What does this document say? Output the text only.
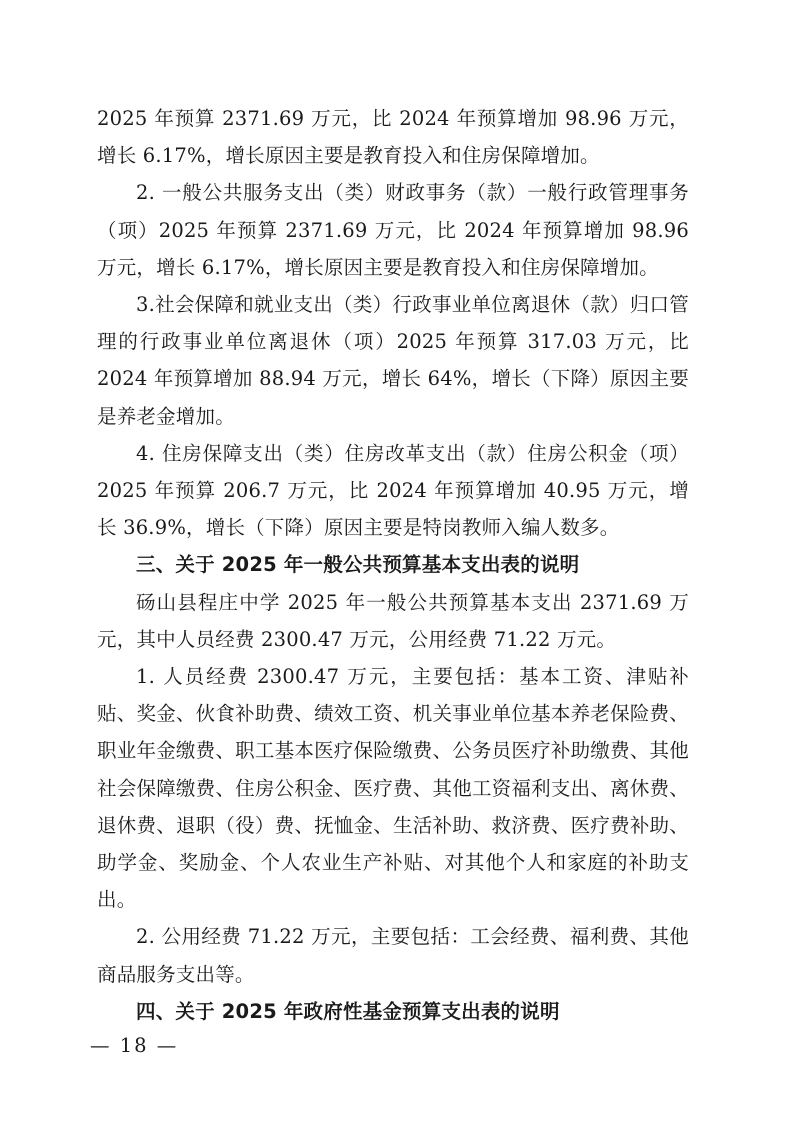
2025 年预算 2371.69 万元，比 2024 年预算增加 98.96 万元，增长 6.17%，增长原因主要是教育投入和住房保障增加。

2. 一般公共服务支出（类）财政事务（款）一般行政管理事务（项）2025 年预算 2371.69 万元，比 2024 年预算增加 98.96 万元，增长 6.17%，增长原因主要是教育投入和住房保障增加。

3.社会保障和就业支出（类）行政事业单位离退休（款）归口管理的行政事业单位离退休（项）2025 年预算 317.03 万元，比 2024 年预算增加 88.94 万元，增长 64%，增长（下降）原因主要是养老金增加。

4. 住房保障支出（类）住房改革支出（款）住房公积金（项）2025 年预算 206.7 万元，比 2024 年预算增加 40.95 万元，增长 36.9%，增长（下降）原因主要是特岗教师入编人数多。

三、关于 2025 年一般公共预算基本支出表的说明

砀山县程庄中学 2025 年一般公共预算基本支出 2371.69 万元，其中人员经费 2300.47 万元，公用经费 71.22 万元。

1. 人员经费 2300.47 万元，主要包括：基本工资、津贴补贴、奖金、伙食补助费、绩效工资、机关事业单位基本养老保险费、职业年金缴费、职工基本医疗保险缴费、公务员医疗补助缴费、其他社会保障缴费、住房公积金、医疗费、其他工资福利支出、离休费、退休费、退职（役）费、抚恤金、生活补助、救济费、医疗费补助、助学金、奖励金、个人农业生产补贴、对其他个人和家庭的补助支出。

2. 公用经费 71.22 万元，主要包括：工会经费、福利费、其他商品服务支出等。

四、关于 2025 年政府性基金预算支出表的说明
— 18 —
